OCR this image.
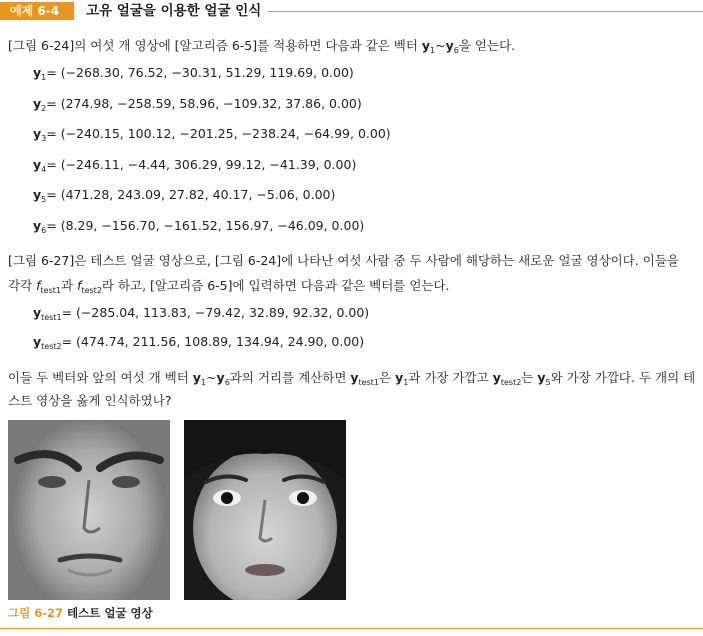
예제 6-4	고유 얼굴을 이용한 얼굴 인식
[그림 6-24]의 여섯 개 영상에 [알고리즘 6-5]를 적용하면 다음과 같은 벡터 $y_1\sim y_6$을 얻는다.
$y_1= (-268.30$, 76.52, −30.31, 51.29, 119.69, 0.00)
$y_2= (274.98$, −258.59, 58.96, −109.32, 37.86, 0.00)
$y_3= (-240.15$, 100.12, −201.25, −238.24, −64.99, 0.00)
$y_4= (-246.11$, −4.44, 306.29, 99.12, −41.39, 0.00)
$y_5= (471.28$, 243.09, 27.82, 40.17, −5.06, 0.00)
$y_6= (8.29$, −156.70, −161.52, 156.97, −46.09, 0.00)
[그림 6-27]은 테스트 얼굴 영상으로, [그림 6-24]에 나타난 여섯 사람 중 두 사람에 해당하는 새로운 얼굴 영상이다. 이들을
각각 $f_{test1}$과 $f_{test2}$라 하고, [알고리즘 6-5]에 입력하면 다음과 같은 벡터를 얻는다.
$y_{test1}= (-285.04$, 113.83, −79.42, 32.89, 92.32, 0.00)
$y_{test2}= (474.74$, 211.56, 108.89, 134.94, 24.90, 0.00)
이들 두 벡터와 앞의 여섯 개 벡터 $y_1\sim y_6$과의 거리를 계산하면 $y_{test1}$은 $y_1$과 가장 가깝고 $y_{test2}$는 $y_5$와 가장 가깝다. 두 개의 테
스트 영상을 옳게 인식하였나?
그림 6-27 테스트 얼굴 영상
